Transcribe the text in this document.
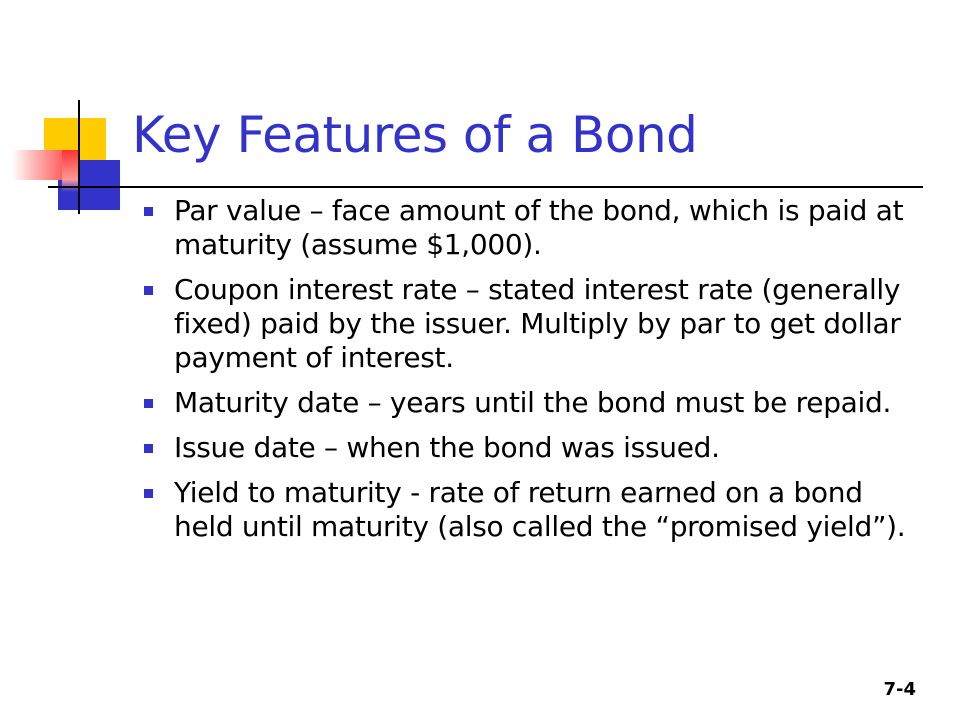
Key Features of a Bond
Par value – face amount of the bond, which is paid at maturity (assume $1,000).
Coupon interest rate – stated interest rate (generally fixed) paid by the issuer. Multiply by par to get dollar payment of interest.
Maturity date – years until the bond must be repaid.
Issue date – when the bond was issued.
Yield to maturity - rate of return earned on a bond held until maturity (also called the “promised yield”).
7-4
